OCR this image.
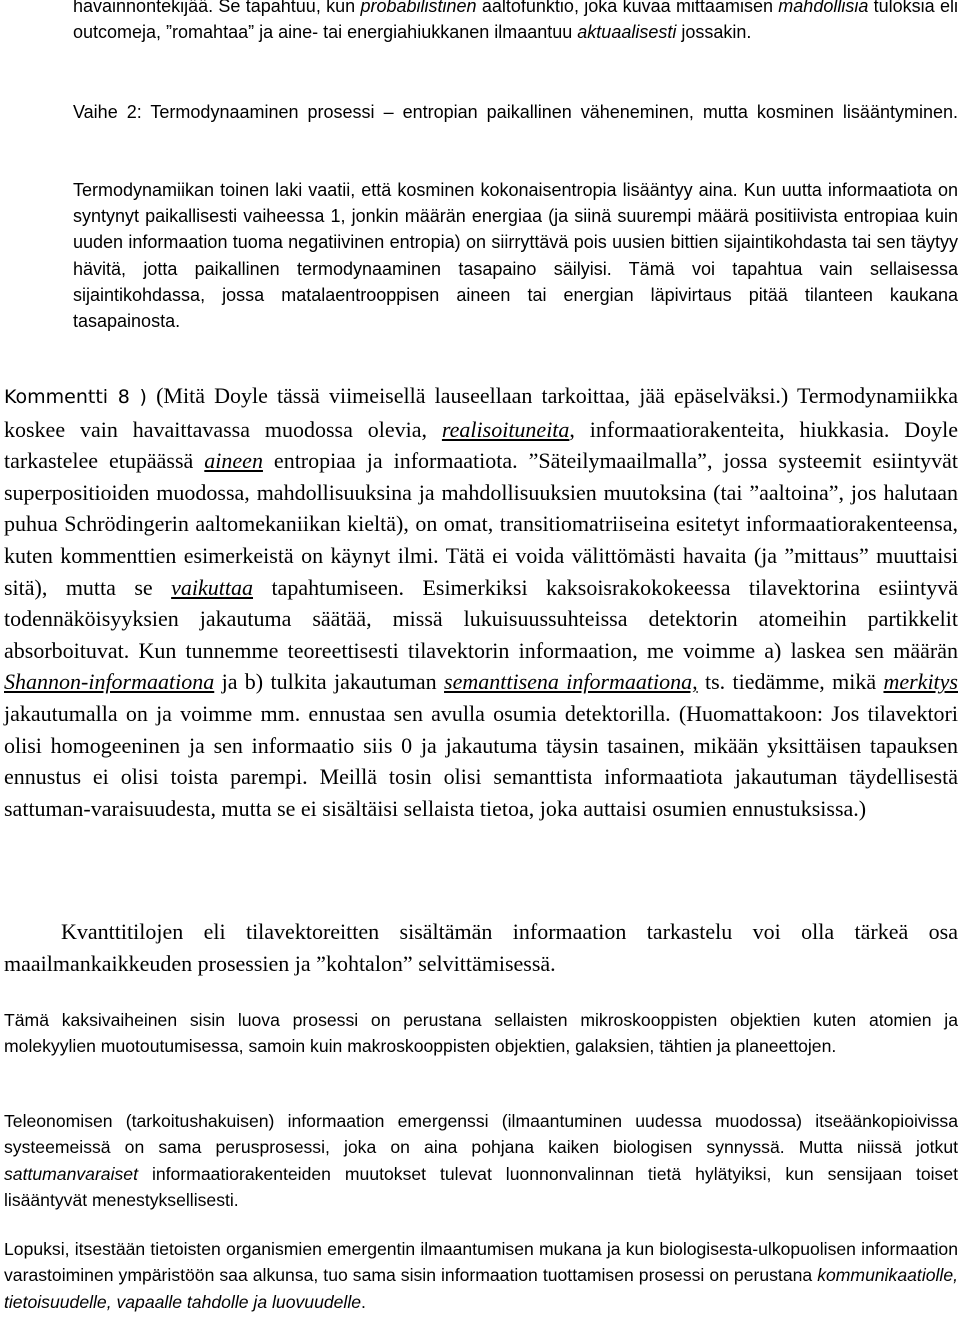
havainnontekijää. Se tapahtuu, kun probabilistinen aaltofunktio, joka kuvaa mittaamisen mahdollisia tuloksia eli outcomeja, ”romahtaa” ja aine- tai energiahiukkanen ilmaantuu aktuaalisesti jossakin.

Vaihe 2: Termodynaaminen prosessi – entropian paikallinen väheneminen, mutta kosminen lisääntyminen.

Termodynamiikan toinen laki vaatii, että kosminen kokonaisentropia lisääntyy aina. Kun uutta informaatiota on syntynyt paikallisesti vaiheessa 1, jonkin määrän energiaa (ja siinä suurempi määrä positiivista entropiaa kuin uuden informaation tuoma negatiivinen entropia) on siirryttävä pois uusien bittien sijaintikohdasta tai sen täytyy hävitä, jotta paikallinen termodynaaminen tasapaino säilyisi. Tämä voi tapahtua vain sellaisessa sijaintikohdassa, jossa matalaentrooppisen aineen tai energian läpivirtaus pitää tilanteen kaukana tasapainosta.

Kommentti 8 ) (Mitä Doyle tässä viimeisellä lauseellaan tarkoittaa, jää epäselväksi.) Termodynamiikka koskee vain havaittavassa muodossa olevia, realisoituneita, informaatiorakenteita, hiukkasia. Doyle tarkastelee etupäässä aineen entropiaa ja informaatiota. ”Säteilymaailmalla”, jossa systeemit esiintyvät superpositioiden muodossa, mahdollisuuksina ja mahdollisuuksien muutoksina (tai ”aaltoina”, jos halutaan puhua Schrödingerin aaltomekaniikan kieltä), on omat, transitiomatriiseina esitetyt informaatiorakenteensa, kuten kommenttien esimerkeistä on käynyt ilmi. Tätä ei voida välittömästi havaita (ja ”mittaus” muuttaisi sitä), mutta se vaikuttaa tapahtumiseen. Esimerkiksi kaksoisrakokokeessa tilavektorina esiintyvä todennäköisyyksien jakautuma säätää, missä lukuisuussuhteissa detektorin atomeihin partikkelit absorboituvat. Kun tunnemme teoreettisesti tilavektorin informaation, me voimme a) laskea sen määrän Shannon-informaationa ja b) tulkita jakautuman semanttisena informaationa, ts. tiedämme, mikä merkitys jakautumalla on ja voimme mm. ennustaa sen avulla osumia detektorilla. (Huomattakoon: Jos tilavektori olisi homogeeninen ja sen informaatio siis 0 ja jakautuma täysin tasainen, mikään yksittäisen tapauksen ennustus ei olisi toista parempi. Meillä tosin olisi semanttista informaatiota jakautuman täydellisestä sattuman-varaisuudesta, mutta se ei sisältäisi sellaista tietoa, joka auttaisi osumien ennustuksissa.)

Kvanttitilojen eli tilavektoreitten sisältämän informaation tarkastelu voi olla tärkeä osa maailmankaikkeuden prosessien ja ”kohtalon” selvittämisessä.

Tämä kaksivaiheinen sisin luova prosessi on perustana sellaisten mikroskooppisten objektien kuten atomien ja molekyylien muotoutumisessa, samoin kuin makroskooppisten objektien, galaksien, tähtien ja planeettojen.

Teleonomisen (tarkoitushakuisen) informaation emergenssi (ilmaantuminen uudessa muodossa) itseäänkopioivissa systeemeissä on sama perusprosessi, joka on aina pohjana kaiken biologisen synnyssä. Mutta niissä jotkut sattumanvaraiset informaatiorakenteiden muutokset tulevat luonnonvalinnan tietä hylätyiksi, kun sensijaan toiset lisääntyvät menestyksellisesti.

Lopuksi, itsestään tietoisten organismien emergentin ilmaantumisen mukana ja kun biologisesta-ulkopuolisen informaation varastoiminen ympäristöön saa alkunsa, tuo sama sisin informaation tuottamisen prosessi on perustana kommunikaatiolle, tietoisuudelle, vapaalle tahdolle ja luovuudelle.
